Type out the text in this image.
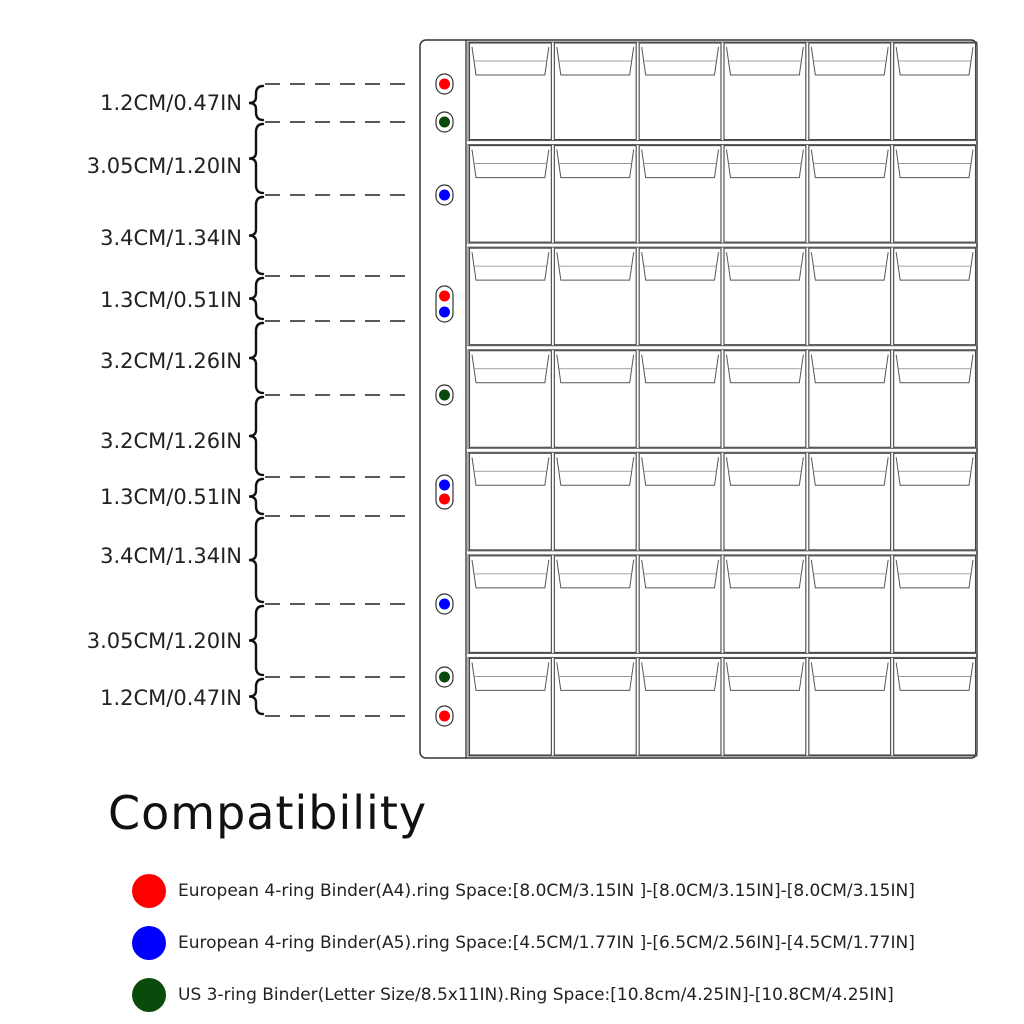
1.2CM/0.47IN
3.05CM/1.20IN
3.4CM/1.34IN
1.3CM/0.51IN
3.2CM/1.26IN
3.2CM/1.26IN
1.3CM/0.51IN
3.4CM/1.34IN
3.05CM/1.20IN
1.2CM/0.47IN
Compatibility
European 4-ring Binder(A4).ring Space:[8.0CM/3.15IN ]-[8.0CM/3.15IN]-[8.0CM/3.15IN]
European 4-ring Binder(A5).ring Space:[4.5CM/1.77IN ]-[6.5CM/2.56IN]-[4.5CM/1.77IN]
US 3-ring Binder(Letter Size/8.5x11IN).Ring Space:[10.8cm/4.25IN]-[10.8CM/4.25IN]
